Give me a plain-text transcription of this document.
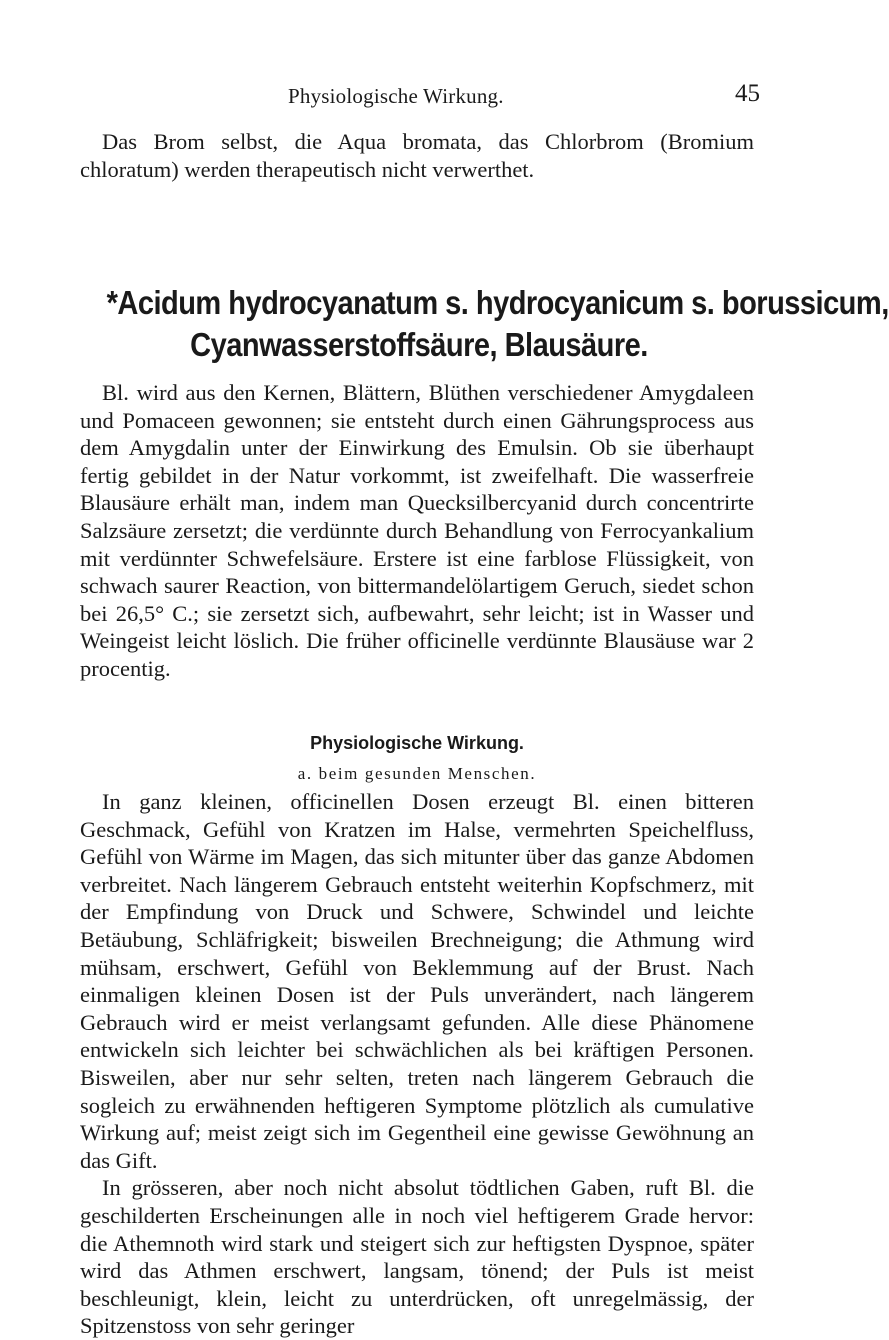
Physiologische Wirkung.	45

Das Brom selbst, die Aqua bromata, das Chlorbrom (Bromium chloratum) werden therapeutisch nicht verwerthet.

*Acidum hydrocyanatum s. hydrocyanicum s. borussicum,
Cyanwasserstoffsäure, Blausäure.

Bl. wird aus den Kernen, Blättern, Blüthen verschiedener Amygdaleen und Pomaceen gewonnen; sie entsteht durch einen Gährungsprocess aus dem Amygdalin unter der Einwirkung des Emulsin. Ob sie überhaupt fertig gebildet in der Natur vorkommt, ist zweifelhaft. Die wasserfreie Blausäure erhält man, indem man Quecksilbercyanid durch concentrirte Salzsäure zersetzt; die verdünnte durch Behandlung von Ferrocyankalium mit verdünnter Schwefelsäure. Erstere ist eine farblose Flüssigkeit, von schwach saurer Reaction, von bittermandelölartigem Geruch, siedet schon bei 26,5° C.; sie zersetzt sich, aufbewahrt, sehr leicht; ist in Wasser und Weingeist leicht löslich. Die früher officinelle verdünnte Blausäuse war 2 procentig.

Physiologische Wirkung.
a. beim gesunden Menschen.

In ganz kleinen, officinellen Dosen erzeugt Bl. einen bitteren Geschmack, Gefühl von Kratzen im Halse, vermehrten Speichelfluss, Gefühl von Wärme im Magen, das sich mitunter über das ganze Abdomen verbreitet. Nach längerem Gebrauch entsteht weiterhin Kopfschmerz, mit der Empfindung von Druck und Schwere, Schwindel und leichte Betäubung, Schläfrigkeit; bisweilen Brechneigung; die Athmung wird mühsam, erschwert, Gefühl von Beklemmung auf der Brust. Nach einmaligen kleinen Dosen ist der Puls unverändert, nach längerem Gebrauch wird er meist verlangsamt gefunden. Alle diese Phänomene entwickeln sich leichter bei schwächlichen als bei kräftigen Personen. Bisweilen, aber nur sehr selten, treten nach längerem Gebrauch die sogleich zu erwähnenden heftigeren Symptome plötzlich als cumulative Wirkung auf; meist zeigt sich im Gegentheil eine gewisse Gewöhnung an das Gift.

In grösseren, aber noch nicht absolut tödtlichen Gaben, ruft Bl. die geschilderten Erscheinungen alle in noch viel heftigerem Grade hervor: die Athemnoth wird stark und steigert sich zur heftigsten Dyspnoe, später wird das Athmen erschwert, langsam, tönend; der Puls ist meist beschleunigt, klein, leicht zu unterdrücken, oft unregelmässig, der Spitzenstoss von sehr geringer
